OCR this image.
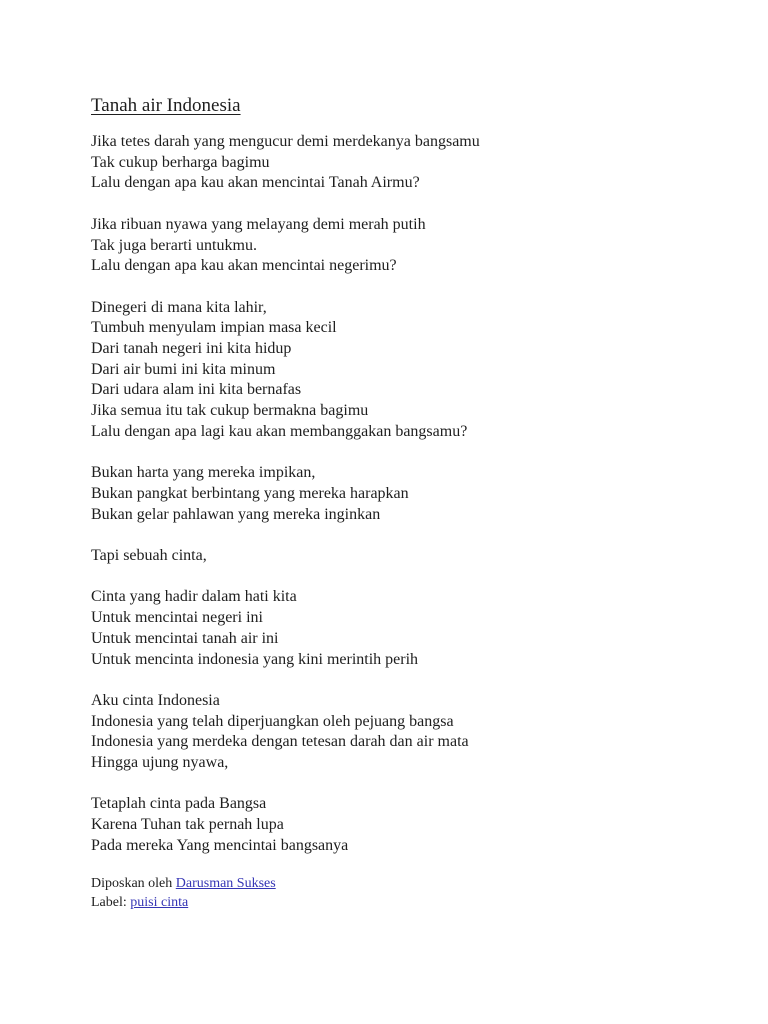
Tanah air Indonesia
Jika tetes darah yang mengucur demi merdekanya bangsamu
Tak cukup berharga bagimu
Lalu dengan apa kau akan mencintai Tanah Airmu?
Jika ribuan nyawa yang melayang demi merah putih
Tak juga berarti untukmu.
Lalu dengan apa kau akan mencintai negerimu?
Dinegeri di mana kita lahir,
Tumbuh menyulam impian masa kecil
Dari tanah negeri ini kita hidup
Dari air bumi ini kita minum
Dari udara alam ini kita bernafas
Jika semua itu tak cukup bermakna bagimu
Lalu dengan apa lagi kau akan membanggakan bangsamu?
Bukan harta yang mereka impikan,
Bukan pangkat berbintang yang mereka harapkan
Bukan gelar pahlawan yang mereka inginkan
Tapi sebuah cinta,
Cinta yang hadir dalam hati kita
Untuk mencintai negeri ini
Untuk mencintai tanah air ini
Untuk mencinta indonesia yang kini merintih perih
Aku cinta Indonesia
Indonesia yang telah diperjuangkan oleh pejuang bangsa
Indonesia yang merdeka dengan tetesan darah dan air mata
Hingga ujung nyawa,
Tetaplah cinta pada Bangsa
Karena Tuhan tak pernah lupa
Pada mereka Yang mencintai bangsanya
Diposkan oleh Darusman Sukses
Label: puisi cinta
